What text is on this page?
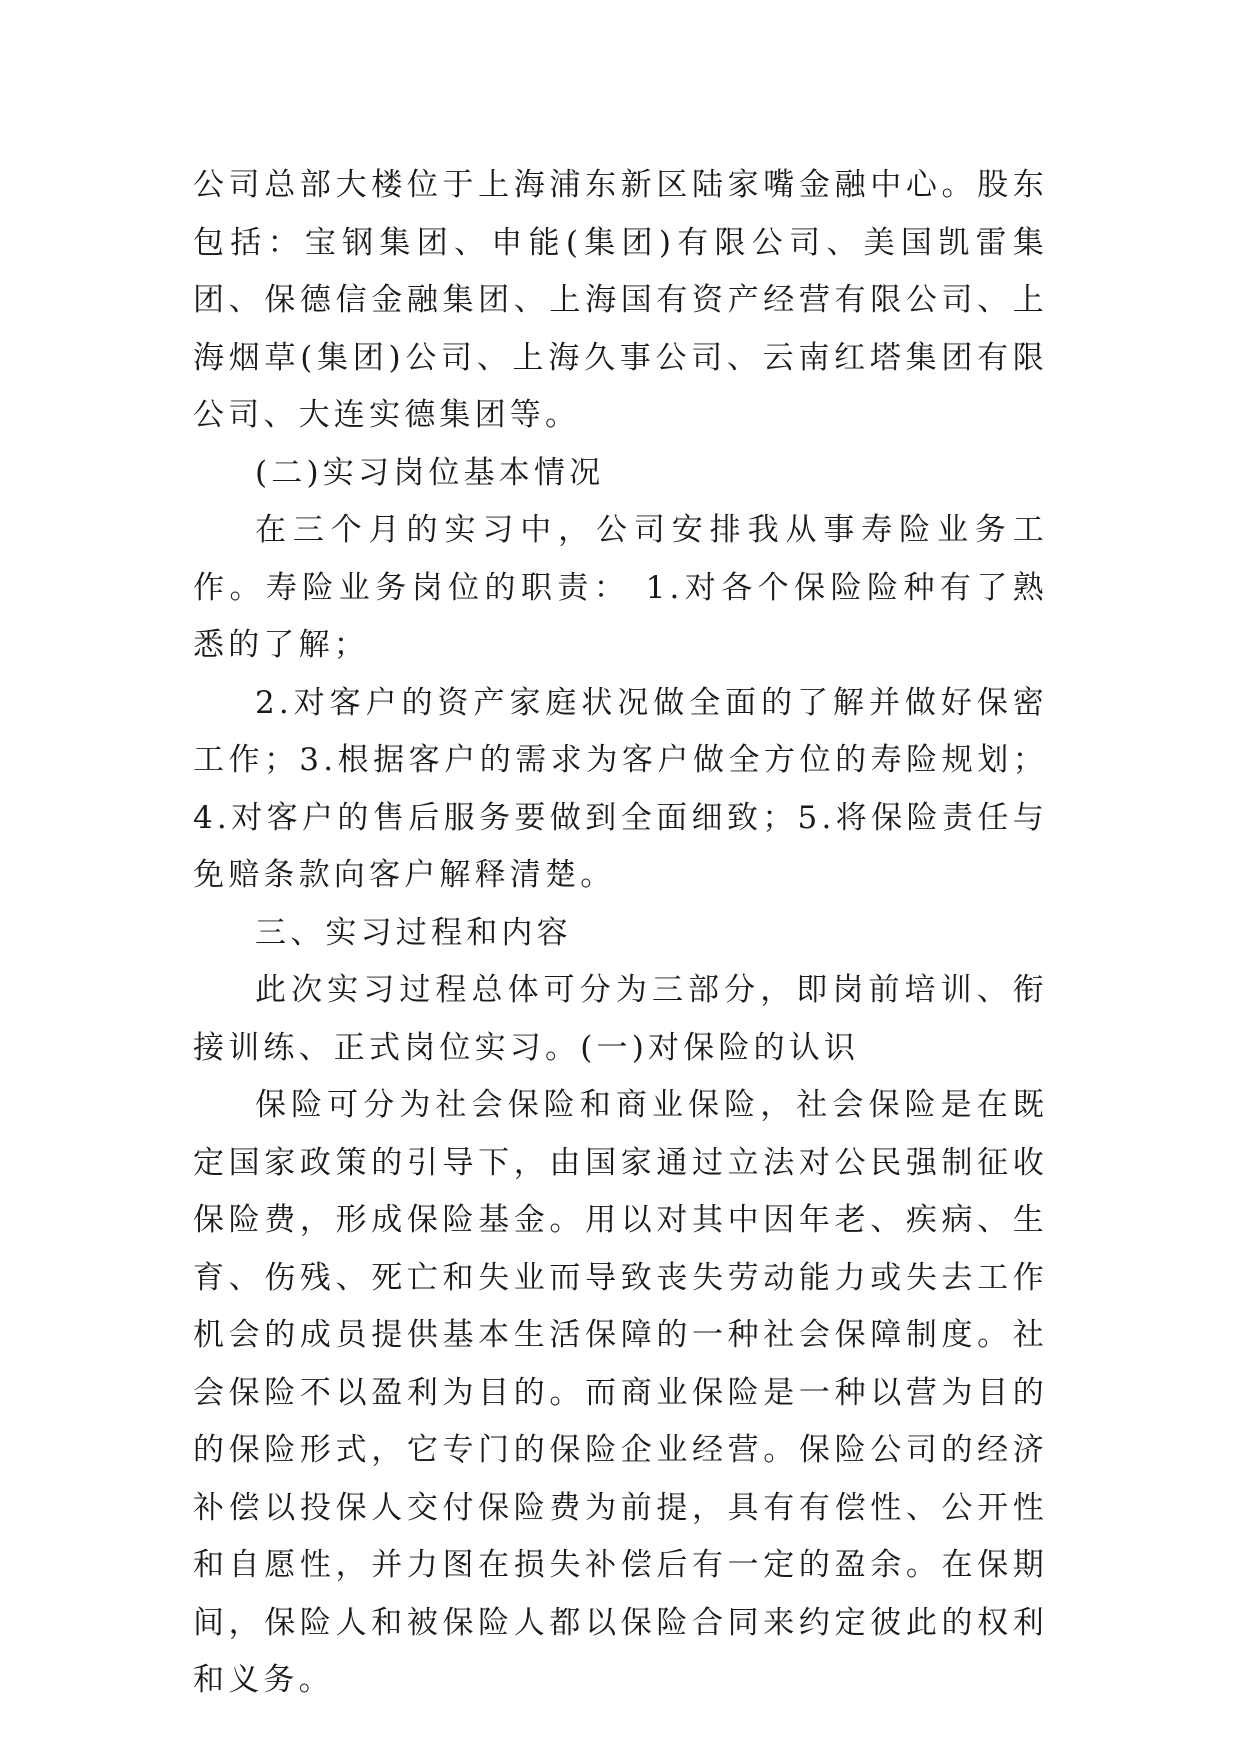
公司总部大楼位于上海浦东新区陆家嘴金融中心。股东包括：宝钢集团、申能(集团)有限公司、美国凯雷集团、保德信金融集团、上海国有资产经营有限公司、上海烟草(集团)公司、上海久事公司、云南红塔集团有限公司、大连实德集团等。

(二)实习岗位基本情况

在三个月的实习中，公司安排我从事寿险业务工作。寿险业务岗位的职责： 1.对各个保险险种有了熟悉的了解；

2.对客户的资产家庭状况做全面的了解并做好保密工作；3.根据客户的需求为客户做全方位的寿险规划；4.对客户的售后服务要做到全面细致；5.将保险责任与免赔条款向客户解释清楚。

三、实习过程和内容

此次实习过程总体可分为三部分，即岗前培训、衔接训练、正式岗位实习。(一)对保险的认识

保险可分为社会保险和商业保险，社会保险是在既定国家政策的引导下，由国家通过立法对公民强制征收保险费，形成保险基金。用以对其中因年老、疾病、生育、伤残、死亡和失业而导致丧失劳动能力或失去工作机会的成员提供基本生活保障的一种社会保障制度。社会保险不以盈利为目的。而商业保险是一种以营为目的的保险形式，它专门的保险企业经营。保险公司的经济补偿以投保人交付保险费为前提，具有有偿性、公开性和自愿性，并力图在损失补偿后有一定的盈余。在保期间，保险人和被保险人都以保险合同来约定彼此的权利和义务。
